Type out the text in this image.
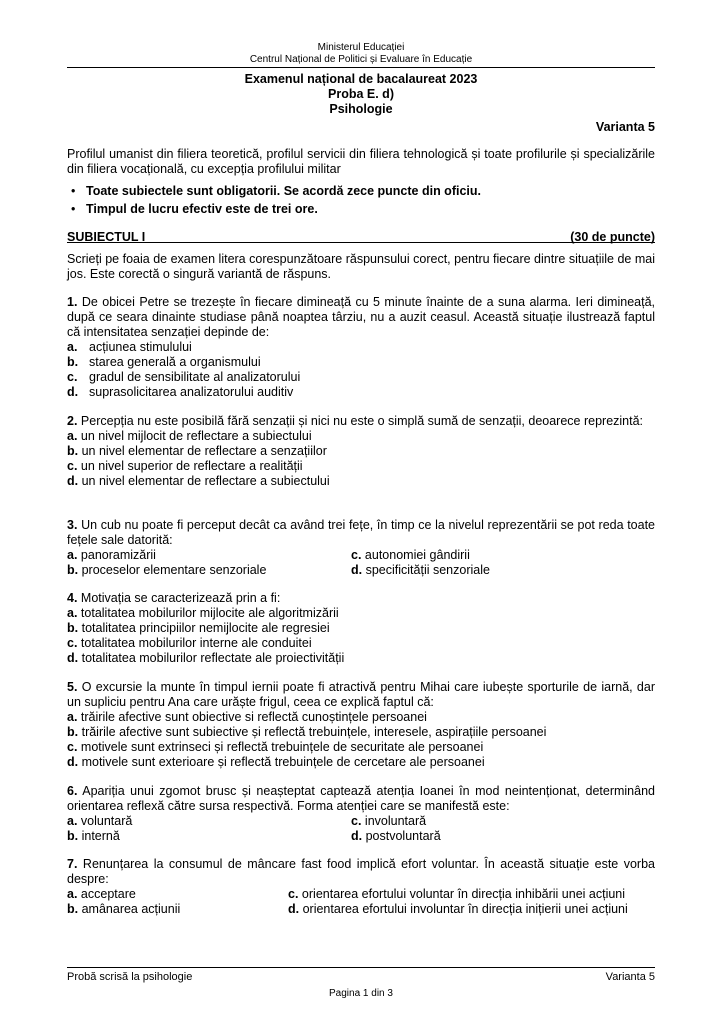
Ministerul Educației
Centrul Național de Politici și Evaluare în Educație
Examenul național de bacalaureat 2023
Proba E. d)
Psihologie
Varianta 5
Profilul umanist din filiera teoretică, profilul servicii din filiera tehnologică și toate profilurile și specializările din filiera vocațională, cu excepția profilului militar
• Toate subiectele sunt obligatorii. Se acordă zece puncte din oficiu.
• Timpul de lucru efectiv este de trei ore.
SUBIECTUL I	(30 de puncte)
Scrieți pe foaia de examen litera corespunzătoare răspunsului corect, pentru fiecare dintre situațiile de mai jos. Este corectă o singură variantă de răspuns.
1. De obicei Petre se trezește în fiecare dimineață cu 5 minute înainte de a suna alarma. Ieri dimineață, după ce seara dinainte studiase până noaptea târziu, nu a auzit ceasul. Această situație ilustrează faptul că intensitatea senzației depinde de:
a. acțiunea stimulului
b. starea generală a organismului
c. gradul de sensibilitate al analizatorului
d. suprasolicitarea analizatorului auditiv
2. Percepția nu este posibilă fără senzații și nici nu este o simplă sumă de senzații, deoarece reprezintă:
a. un nivel mijlocit de reflectare a subiectului
b. un nivel elementar de reflectare a senzațiilor
c. un nivel superior de reflectare a realității
d. un nivel elementar de reflectare a subiectului
3. Un cub nu poate fi perceput decât ca având trei fețe, în timp ce la nivelul reprezentării se pot reda toate fețele sale datorită:
a. panoramizării	c. autonomiei gândirii
b. proceselor elementare senzoriale	d. specificității senzoriale
4. Motivația se caracterizează prin a fi:
a. totalitatea mobilurilor mijlocite ale algoritmizării
b. totalitatea principiilor nemijlocite ale regresiei
c. totalitatea mobilurilor interne ale conduitei
d. totalitatea mobilurilor reflectate ale proiectivității
5. O excursie la munte în timpul iernii poate fi atractivă pentru Mihai care iubește sporturile de iarnă, dar un supliciu pentru Ana care urăște frigul, ceea ce explică faptul că:
a. trăirile afective sunt obiective si reflectă cunoștințele persoanei
b. trăirile afective sunt subiective și reflectă trebuințele, interesele, aspirațiile persoanei
c. motivele sunt extrinseci și reflectă trebuințele de securitate ale persoanei
d. motivele sunt exterioare și reflectă trebuințele de cercetare ale persoanei
6. Apariția unui zgomot brusc și neașteptat captează atenția Ioanei în mod neintenționat, determinând orientarea reflexă către sursa respectivă. Forma atenției care se manifestă este:
a. voluntară	c. involuntară
b. internă	d. postvoluntară
7. Renunțarea la consumul de mâncare fast food implică efort voluntar. În această situație este vorba despre:
a. acceptare	c. orientarea efortului voluntar în direcția inhibării unei acțiuni
b. amânarea acțiunii	d. orientarea efortului involuntar în direcția inițierii unei acțiuni
Probă scrisă la psihologie	Varianta 5
Pagina 1 din 3
